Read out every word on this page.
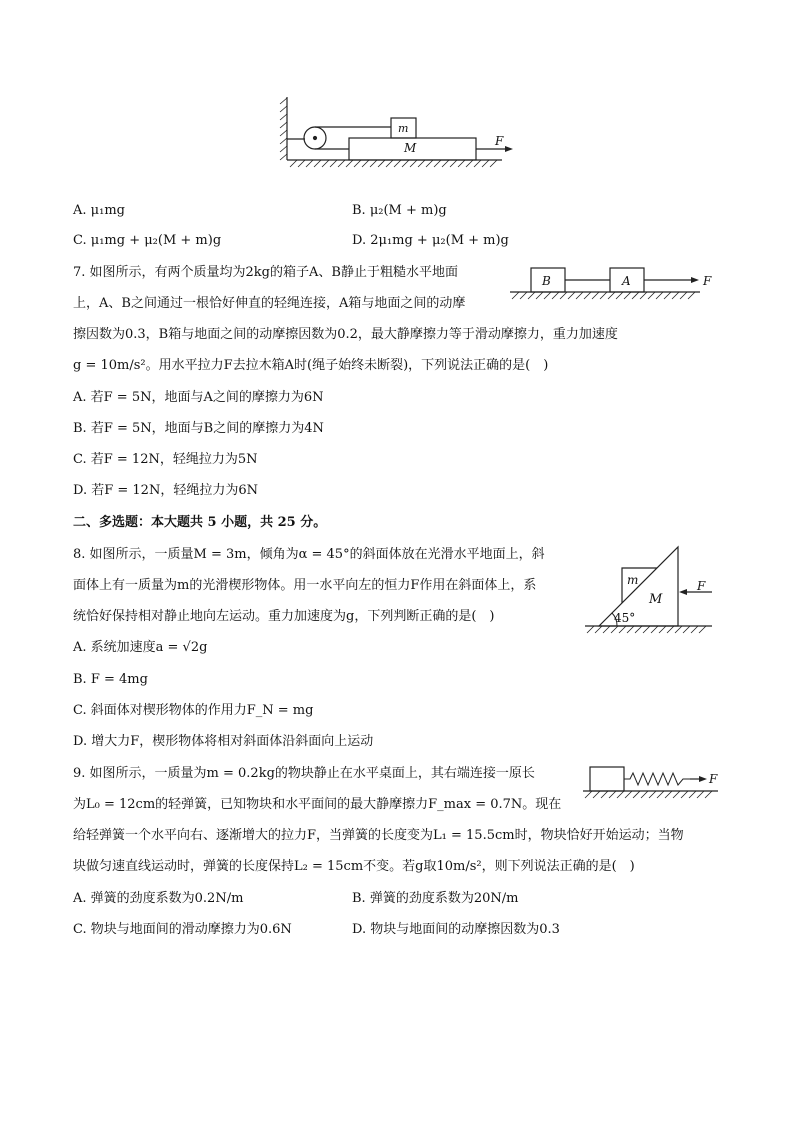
m
M	F
A. μ₁mg	B. μ₂(M + m)g
C. μ₁mg + μ₂(M + m)g	D. 2μ₁mg + μ₂(M + m)g
7. 如图所示，有两个质量均为2kg的箱子A、B静止于粗糙水平地面
上，A、B之间通过一根恰好伸直的轻绳连接，A箱与地面之间的动摩
擦因数为0.3，B箱与地面之间的动摩擦因数为0.2，最大静摩擦力等于滑动摩擦力，重力加速度
g = 10m/s²。用水平拉力F去拉木箱A时(绳子始终未断裂)，下列说法正确的是(　)
A. 若F = 5N，地面与A之间的摩擦力为6N
B. 若F = 5N，地面与B之间的摩擦力为4N
C. 若F = 12N，轻绳拉力为5N
D. 若F = 12N，轻绳拉力为6N
B	A	F
二、多选题：本大题共 5 小题，共 25 分。
8. 如图所示，一质量M = 3m，倾角为α = 45°的斜面体放在光滑水平地面上，斜
面体上有一质量为m的光滑楔形物体。用一水平向左的恒力F作用在斜面体上，系
统恰好保持相对静止地向左运动。重力加速度为g，下列判断正确的是(　)
A. 系统加速度a = √2g
B. F = 4mg
C. 斜面体对楔形物体的作用力F_N = mg
D. 增大力F，楔形物体将相对斜面体沿斜面向上运动
m
M
F
45°
9. 如图所示，一质量为m = 0.2kg的物块静止在水平桌面上，其右端连接一原长
为L₀ = 12cm的轻弹簧，已知物块和水平面间的最大静摩擦力F_max = 0.7N。现在
给轻弹簧一个水平向右、逐渐增大的拉力F，当弹簧的长度变为L₁ = 15.5cm时，物块恰好开始运动；当物
块做匀速直线运动时，弹簧的长度保持L₂ = 15cm不变。若g取10m/s²，则下列说法正确的是(　)
A. 弹簧的劲度系数为0.2N/m	B. 弹簧的劲度系数为20N/m
C. 物块与地面间的滑动摩擦力为0.6N	D. 物块与地面间的动摩擦因数为0.3
F
